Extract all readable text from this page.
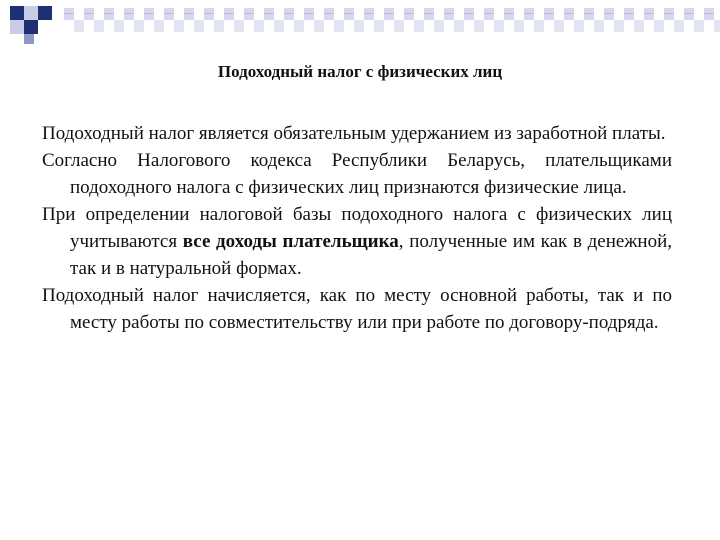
Подоходный налог с физических лиц

Подоходный налог является обязательным удержанием из заработной платы.

Согласно Налогового кодекса Республики Беларусь, плательщиками подоходного налога с физических лиц признаются физические лица.

При определении налоговой базы подоходного налога с физических лиц учитываются все доходы плательщика, полученные им как в денежной, так и в натуральной формах.

Подоходный налог начисляется, как по месту основной работы, так и по месту работы по совместительству или при работе по договору-подряда.
